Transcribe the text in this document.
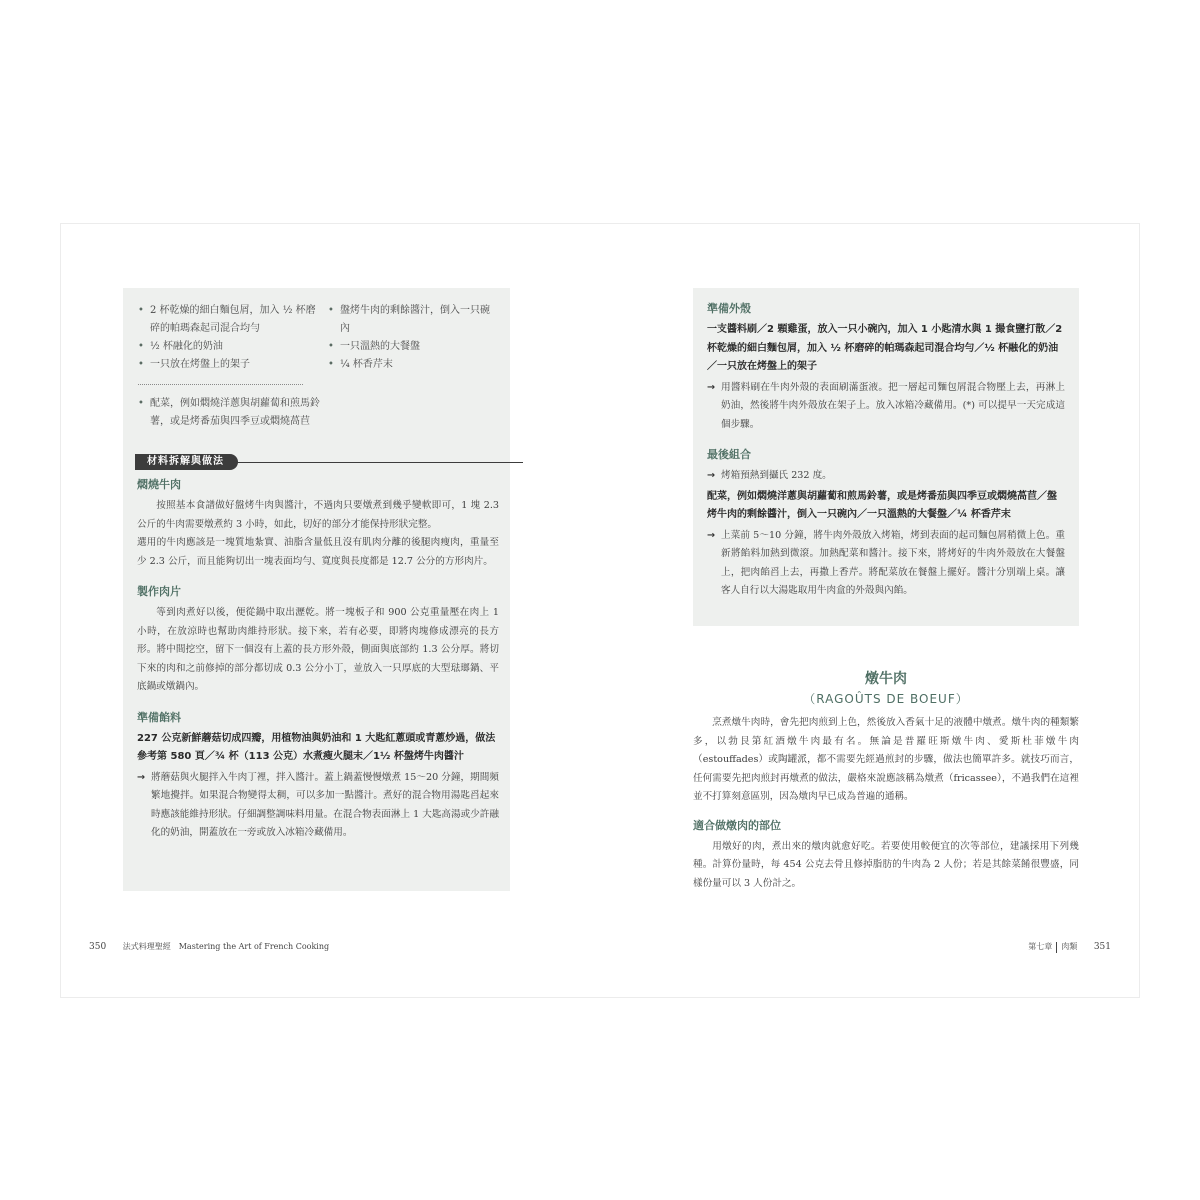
• 2 杯乾燥的細白麵包屑，加入 ½ 杯磨碎的帕瑪森起司混合均勻
• ½ 杯融化的奶油
• 一只放在烤盤上的架子
• 配菜，例如燜燒洋蔥與胡蘿蔔和煎馬鈴薯，或是烤番茄與四季豆或燜燒萵苣
• 盤烤牛肉的剩餘醬汁，倒入一只碗內
• 一只溫熱的大餐盤
• ¼ 杯香芹末
材料拆解與做法
燜燒牛肉
按照基本食譜做好盤烤牛肉與醬汁，不過肉只要燉煮到幾乎變軟即可，1 塊 2.3 公斤的牛肉需要燉煮約 3 小時，如此，切好的部分才能保持形狀完整。
選用的牛肉應該是一塊質地紮實、油脂含量低且沒有肌肉分離的後腿肉瘦肉，重量至少 2.3 公斤，而且能夠切出一塊表面均勻、寬度與長度都是 12.7 公分的方形肉片。
製作肉片
等到肉煮好以後，便從鍋中取出瀝乾。將一塊板子和 900 公克重量壓在肉上 1 小時，在放涼時也幫助肉維持形狀。接下來，若有必要，即將肉塊修成漂亮的長方形。將中間挖空，留下一個沒有上蓋的長方形外殼，側面與底部約 1.3 公分厚。將切下來的肉和之前修掉的部分都切成 0.3 公分小丁，並放入一只厚底的大型琺瑯鍋、平底鍋或燉鍋內。
準備餡料
227 公克新鮮蘑菇切成四瓣，用植物油與奶油和 1 大匙紅蔥頭或青蔥炒過，做法參考第 580 頁／¾ 杯（113 公克）水煮瘦火腿末／1½ 杯盤烤牛肉醬汁
→ 將蘑菇與火腿拌入牛肉丁裡，拌入醬汁。蓋上鍋蓋慢慢燉煮 15～20 分鐘，期間頻繁地攪拌。如果混合物變得太稠，可以多加一點醬汁。煮好的混合物用湯匙舀起來時應該能維持形狀。仔細調整調味料用量。在混合物表面淋上 1 大匙高湯或少許融化的奶油，開蓋放在一旁或放入冰箱冷藏備用。
準備外殼
一支醬料刷／2 顆雞蛋，放入一只小碗內，加入 1 小匙清水與 1 撮食鹽打散／2 杯乾燥的細白麵包屑，加入 ½ 杯磨碎的帕瑪森起司混合均勻／½ 杯融化的奶油／一只放在烤盤上的架子
→ 用醬料刷在牛肉外殼的表面刷滿蛋液。把一層起司麵包屑混合物壓上去，再淋上奶油，然後將牛肉外殼放在架子上。放入冰箱冷藏備用。(*) 可以提早一天完成這個步驟。
最後組合
→ 烤箱預熱到攝氏 232 度。
配菜，例如燜燒洋蔥與胡蘿蔔和煎馬鈴薯，或是烤番茄與四季豆或燜燒萵苣／盤烤牛肉的剩餘醬汁，倒入一只碗內／一只溫熱的大餐盤／¼ 杯香芹末
→ 上菜前 5～10 分鐘，將牛肉外殼放入烤箱，烤到表面的起司麵包屑稍微上色。重新將餡料加熱到微滾。加熱配菜和醬汁。接下來，將烤好的牛肉外殼放在大餐盤上，把肉餡舀上去，再撒上香芹。將配菜放在餐盤上擺好。醬汁分別端上桌。讓客人自行以大湯匙取用牛肉盒的外殼與內餡。
燉牛肉
（RAGOÛTS DE BOEUF）
烹煮燉牛肉時，會先把肉煎到上色，然後放入香氣十足的液體中燉煮。燉牛肉的種類繁多，以勃艮第紅酒燉牛肉最有名。無論是普羅旺斯燉牛肉、愛斯杜菲燉牛肉（estouffades）或陶罐派，都不需要先經過煎封的步驟，做法也簡單許多。就技巧而言，任何需要先把肉煎封再燉煮的做法，嚴格來說應該稱為燉煮（fricassee），不過我們在這裡並不打算刻意區別，因為燉肉早已成為普遍的通稱。
適合做燉肉的部位
用燉好的肉，煮出來的燉肉就愈好吃。若要使用較便宜的次等部位，建議採用下列幾種。計算份量時，每 454 公克去骨且修掉脂肪的牛肉為 2 人份；若是其餘菜餚很豐盛，同樣份量可以 3 人份計之。
350 法式料理聖經　Mastering the Art of French Cooking	第七章 肉類 351
